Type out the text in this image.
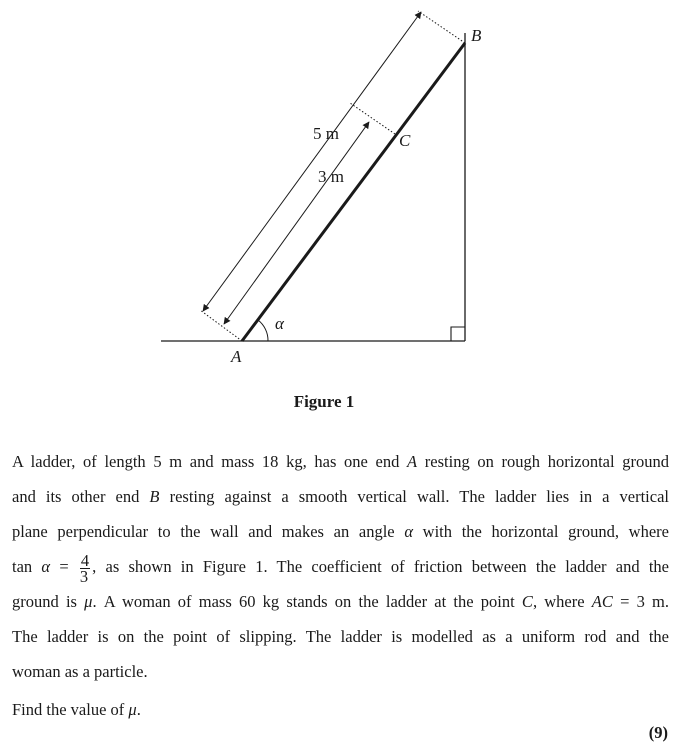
B
C
A
α
5 m
3 m
Figure 1
A ladder, of length 5 m and mass 18 kg, has one end A resting on rough horizontal ground
and its other end B resting against a smooth vertical wall. The ladder lies in a vertical
plane perpendicular to the wall and makes an angle α with the horizontal ground, where
$\tan \alpha = \frac{4}{3}$ , as shown in Figure 1. The coefficient of friction between the ladder and the
ground is μ. A woman of mass 60 kg stands on the ladder at the point C, where AC = 3 m.
The ladder is on the point of slipping. The ladder is modelled as a uniform rod and the
woman as a particle.
Find the value of μ.
(9)
